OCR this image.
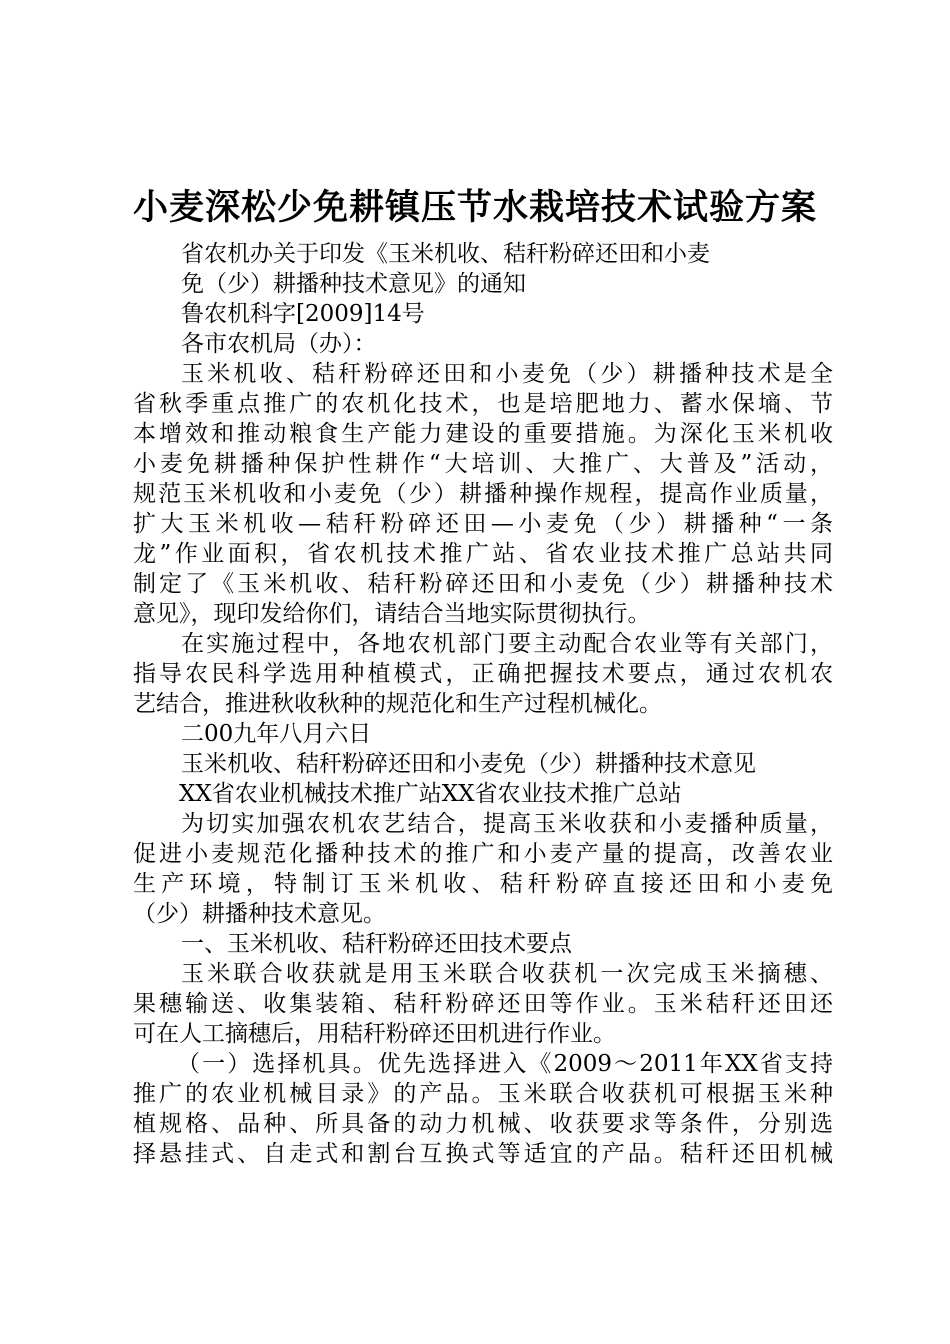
小麦深松少免耕镇压节水栽培技术试验方案
省农机办关于印发《玉米机收、秸秆粉碎还田和小麦
免（少）耕播种技术意见》的通知
鲁农机科字[2009]14号
各市农机局（办）：
玉米机收、秸秆粉碎还田和小麦免（少）耕播种技术是全
省秋季重点推广的农机化技术，也是培肥地力、蓄水保墒、节
本增效和推动粮食生产能力建设的重要措施。为深化玉米机收
小麦免耕播种保护性耕作“大培训、大推广、大普及”活动，
规范玉米机收和小麦免（少）耕播种操作规程，提高作业质量，
扩大玉米机收—秸秆粉碎还田—小麦免（少）耕播种“一条
龙”作业面积，省农机技术推广站、省农业技术推广总站共同
制定了《玉米机收、秸秆粉碎还田和小麦免（少）耕播种技术
意见》，现印发给你们，请结合当地实际贯彻执行。
在实施过程中，各地农机部门要主动配合农业等有关部门，
指导农民科学选用种植模式，正确把握技术要点，通过农机农
艺结合，推进秋收秋种的规范化和生产过程机械化。
二00九年八月六日
玉米机收、秸秆粉碎还田和小麦免（少）耕播种技术意见
XX省农业机械技术推广站XX省农业技术推广总站
为切实加强农机农艺结合，提高玉米收获和小麦播种质量，
促进小麦规范化播种技术的推广和小麦产量的提高，改善农业
生产环境，特制订玉米机收、秸秆粉碎直接还田和小麦免
（少）耕播种技术意见。
一、玉米机收、秸秆粉碎还田技术要点
玉米联合收获就是用玉米联合收获机一次完成玉米摘穗、
果穗输送、收集装箱、秸秆粉碎还田等作业。玉米秸秆还田还
可在人工摘穗后，用秸秆粉碎还田机进行作业。
（一）选择机具。优先选择进入《2009～2011年XX省支持
推广的农业机械目录》的产品。玉米联合收获机可根据玉米种
植规格、品种、所具备的动力机械、收获要求等条件，分别选
择悬挂式、自走式和割台互换式等适宜的产品。秸秆还田机械
